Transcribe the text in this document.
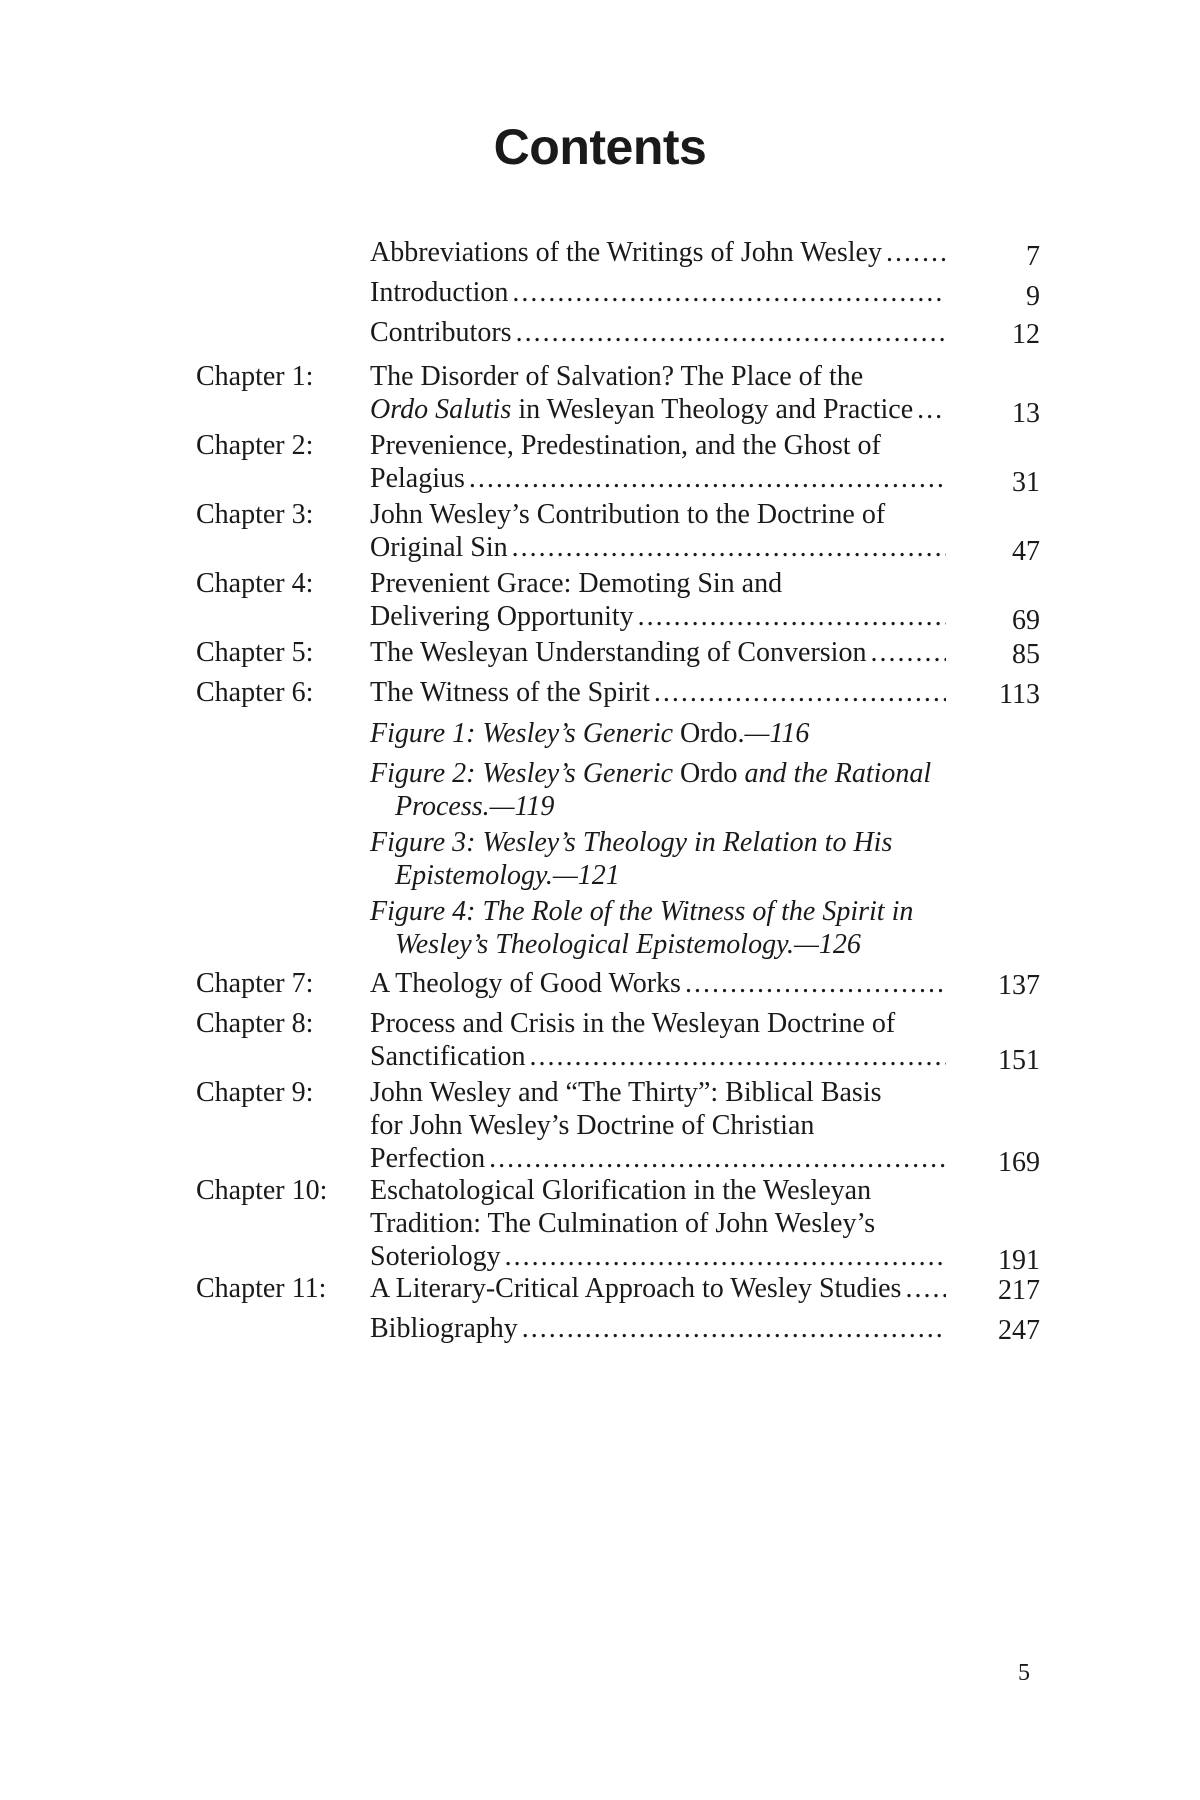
Contents
Abbreviations of the Writings of John Wesley .....	7
Introduction .....	9
Contributors .....	12
Chapter 1: The Disorder of Salvation? The Place of the
Ordo Salutis in Wesleyan Theology and Practice .....	13
Chapter 2: Prevenience, Predestination, and the Ghost of
Pelagius .....	31
Chapter 3: John Wesley’s Contribution to the Doctrine of
Original Sin .....	47
Chapter 4: Prevenient Grace: Demoting Sin and
Delivering Opportunity .....	69
Chapter 5: The Wesleyan Understanding of Conversion .....	85
Chapter 6: The Witness of the Spirit .....	113
Figure 1: Wesley’s Generic Ordo.—116
Figure 2: Wesley’s Generic Ordo and the Rational
Process.—119
Figure 3: Wesley’s Theology in Relation to His
Epistemology.—121
Figure 4: The Role of the Witness of the Spirit in
Wesley’s Theological Epistemology.—126
Chapter 7: A Theology of Good Works .....	137
Chapter 8: Process and Crisis in the Wesleyan Doctrine of
Sanctification .....	151
Chapter 9: John Wesley and “The Thirty”: Biblical Basis
for John Wesley’s Doctrine of Christian
Perfection .....	169
Chapter 10: Eschatological Glorification in the Wesleyan
Tradition: The Culmination of John Wesley’s
Soteriology .....	191
Chapter 11: A Literary-Critical Approach to Wesley Studies .....	217
Bibliography .....	247
5
